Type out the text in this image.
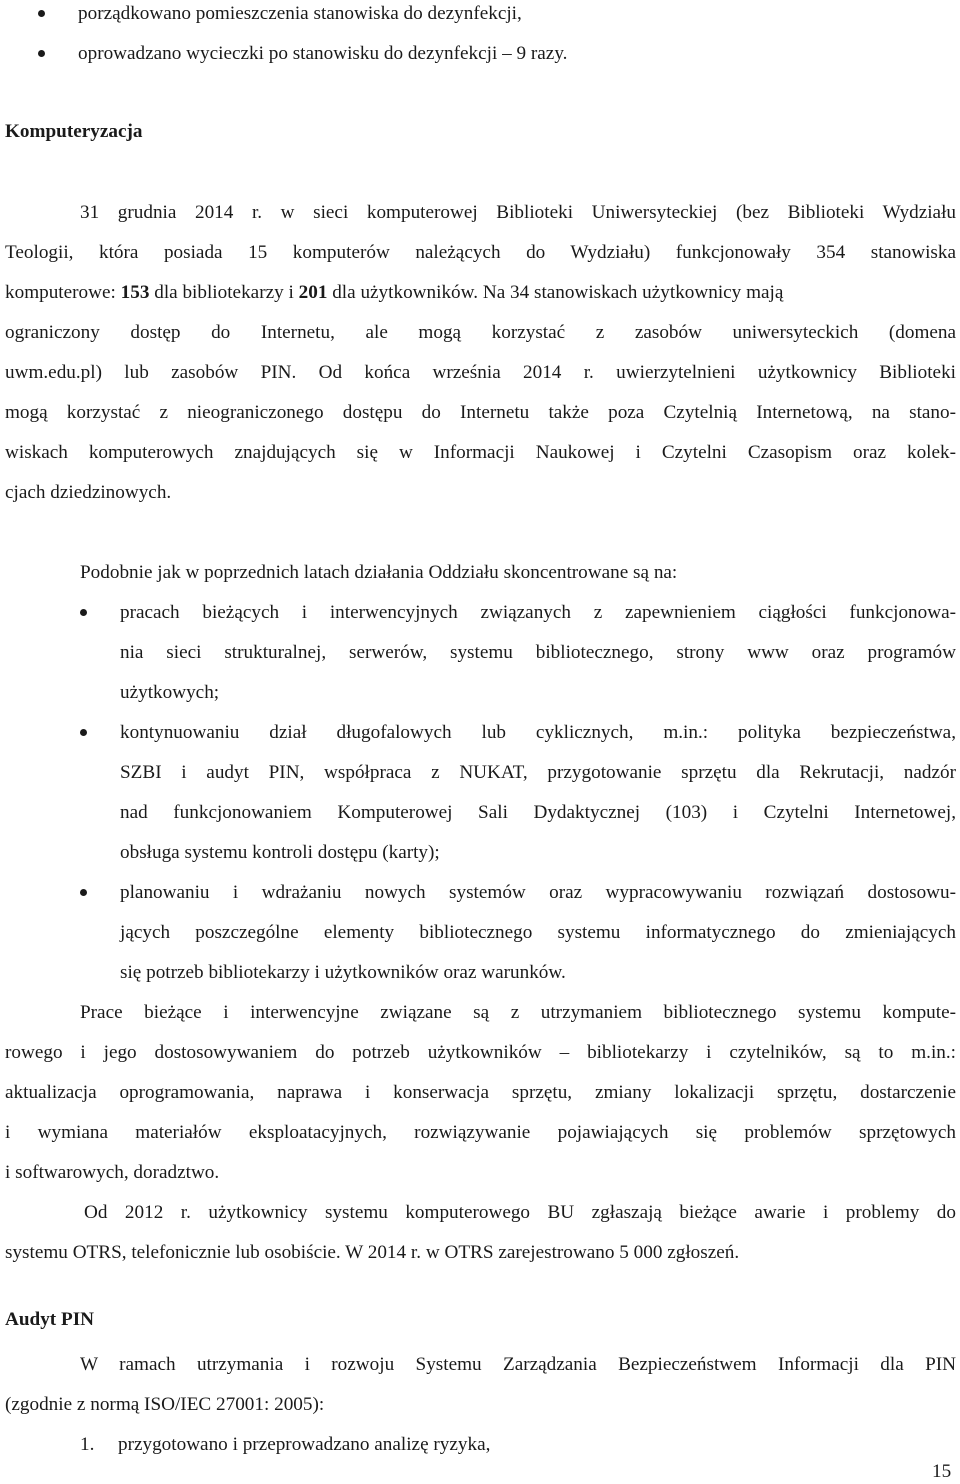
porządkowano pomieszczenia stanowiska do dezynfekcji,
oprowadzano wycieczki po stanowisku do dezynfekcji – 9 razy.
Komputeryzacja
31 grudnia 2014 r. w sieci komputerowej Biblioteki Uniwersyteckiej (bez Biblioteki Wydziału
Teologii, która posiada 15 komputerów należących do Wydziału) funkcjonowały 354 stanowiska
komputerowe: 153 dla bibliotekarzy i 201 dla użytkowników. Na 34 stanowiskach użytkownicy mają
ograniczony dostęp do Internetu, ale mogą korzystać z zasobów uniwersyteckich (domena
uwm.edu.pl) lub zasobów PIN. Od końca września 2014 r. uwierzytelnieni użytkownicy Biblioteki
mogą korzystać z nieograniczonego dostępu do Internetu także poza Czytelnią Internetową, na stano-
wiskach komputerowych znajdujących się w Informacji Naukowej i Czytelni Czasopism oraz kolek-
cjach dziedzinowych.
Podobnie jak w poprzednich latach działania Oddziału skoncentrowane są na:
pracach bieżących i interwencyjnych związanych z zapewnieniem ciągłości funkcjonowa-
nia sieci strukturalnej, serwerów, systemu bibliotecznego, strony www oraz programów
użytkowych;
kontynuowaniu dział długofalowych lub cyklicznych, m.in.: polityka bezpieczeństwa,
SZBI i audyt PIN, współpraca z NUKAT, przygotowanie sprzętu dla Rekrutacji, nadzór
nad funkcjonowaniem Komputerowej Sali Dydaktycznej (103) i Czytelni Internetowej,
obsługa systemu kontroli dostępu (karty);
planowaniu i wdrażaniu nowych systemów oraz wypracowywaniu rozwiązań dostosowu-
jących poszczególne elementy bibliotecznego systemu informatycznego do zmieniających
się potrzeb bibliotekarzy i użytkowników oraz warunków.
Prace bieżące i interwencyjne związane są z utrzymaniem bibliotecznego systemu kompute-
rowego i jego dostosowywaniem do potrzeb użytkowników – bibliotekarzy i czytelników, są to m.in.:
aktualizacja oprogramowania, naprawa i konserwacja sprzętu, zmiany lokalizacji sprzętu, dostarczenie
i wymiana materiałów eksploatacyjnych, rozwiązywanie pojawiających się problemów sprzętowych
i softwarowych, doradztwo.
Od 2012 r. użytkownicy systemu komputerowego BU zgłaszają bieżące awarie i problemy do
systemu OTRS, telefonicznie lub osobiście. W 2014 r. w OTRS zarejestrowano 5 000 zgłoszeń.
Audyt PIN
W ramach utrzymania i rozwoju Systemu Zarządzania Bezpieczeństwem Informacji dla PIN
(zgodnie z normą ISO/IEC 27001: 2005):
1. przygotowano i przeprowadzano analizę ryzyka,
15
